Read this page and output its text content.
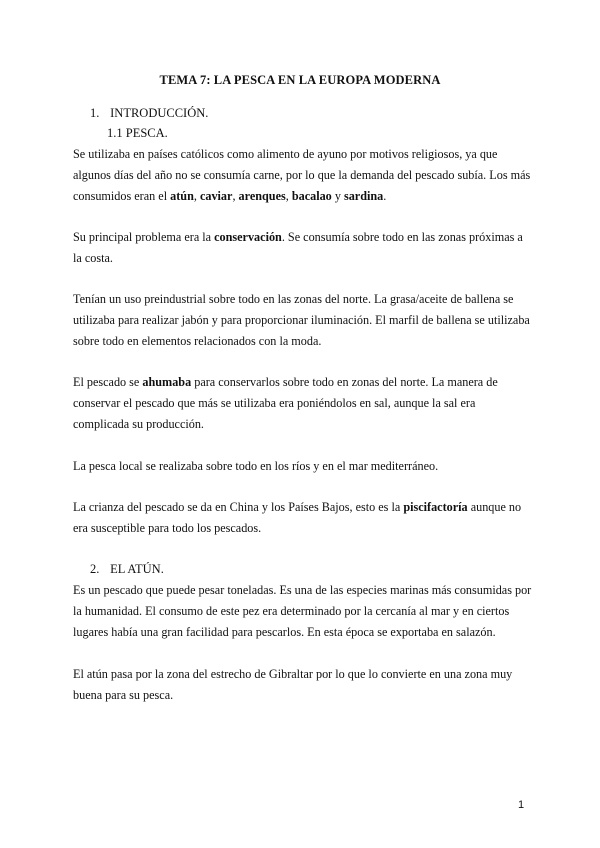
TEMA 7: LA PESCA EN LA EUROPA MODERNA
1. INTRODUCCIÓN.
1.1 PESCA.
Se utilizaba en países católicos como alimento de ayuno por motivos religiosos, ya que algunos días del año no se consumía carne, por lo que la demanda del pescado subía. Los más consumidos eran el atún, caviar, arenques, bacalao y sardina.
Su principal problema era la conservación. Se consumía sobre todo en las zonas próximas a la costa.
Tenían un uso preindustrial sobre todo en las zonas del norte. La grasa/aceite de ballena se utilizaba para realizar jabón y para proporcionar iluminación. El marfil de ballena se utilizaba sobre todo en elementos relacionados con la moda.
El pescado se ahumaba para conservarlos sobre todo en zonas del norte. La manera de conservar el pescado que más se utilizaba era poniéndolos en sal, aunque la sal era complicada su producción.
La pesca local se realizaba sobre todo en los ríos y en el mar mediterráneo.
La crianza del pescado se da en China y los Países Bajos, esto es la piscifactoría aunque no era susceptible para todo los pescados.
2. EL ATÚN.
Es un pescado que puede pesar toneladas. Es una de las especies marinas más consumidas por la humanidad. El consumo de este pez era determinado por la cercanía al mar y en ciertos lugares había una gran facilidad para pescarlos. En esta época se exportaba en salazón.
El atún pasa por la zona del estrecho de Gibraltar por lo que lo convierte en una zona muy buena para su pesca.
1
